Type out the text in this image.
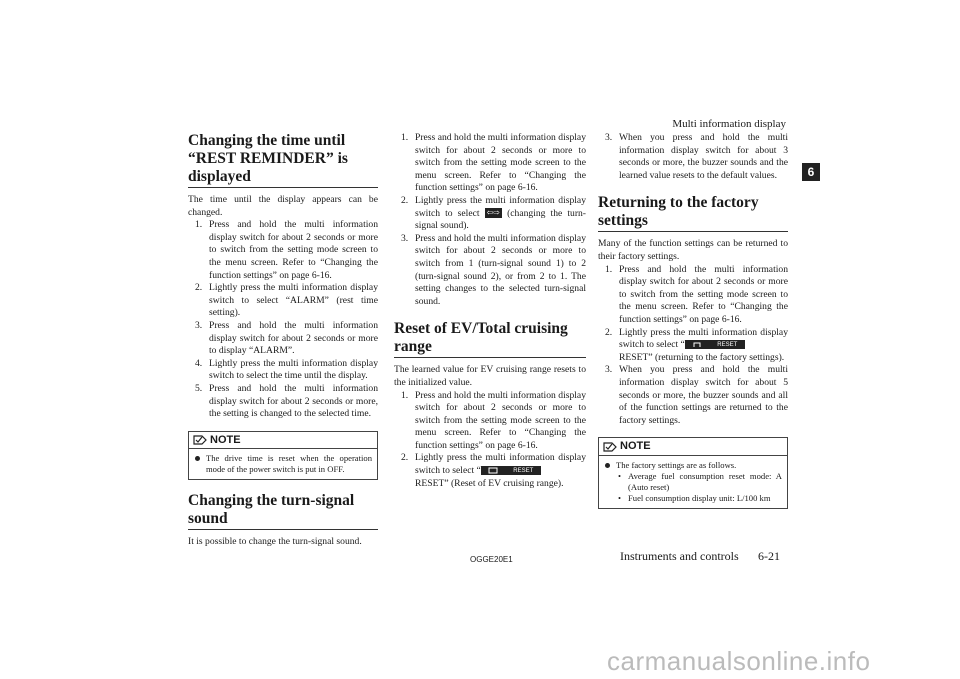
Multi information display
6
Changing the time until “REST REMINDER” is displayed

The time until the display appears can be changed.

1. Press and hold the multi information display switch for about 2 seconds or more to switch from the setting mode screen to the menu screen. Refer to “Changing the function settings” on page 6-16.
2. Lightly press the multi information display switch to select “ALARM” (rest time setting).
3. Press and hold the multi information display switch for about 2 seconds or more to display “ALARM”.
4. Lightly press the multi information display switch to select the time until the display.
5. Press and hold the multi information display switch for about 2 seconds or more, the setting is changed to the selected time.
NOTE
The drive time is reset when the operation mode of the power switch is put in OFF.
Changing the turn-signal sound

It is possible to change the turn-signal sound.

1. Press and hold the multi information display switch for about 2 seconds or more to switch from the setting mode screen to the menu screen. Refer to “Changing the function settings” on page 6-16.
2. Lightly press the multi information display switch to select ⇦⇨ (changing the turn-signal sound).
3. Press and hold the multi information display switch for about 2 seconds or more to switch from 1 (turn-signal sound 1) to 2 (turn-signal sound 2), or from 2 to 1. The setting changes to the selected turn-signal sound.
Reset of EV/Total cruising range

The learned value for EV cruising range resets to the initialized value.

1. Press and hold the multi information display switch for about 2 seconds or more to switch from the setting mode screen to the menu screen. Refer to “Changing the function settings” on page 6-16.
2. Lightly press the multi information display switch to select “	RESET

RESET” (Reset of EV cruising range).
3. When you press and hold the multi information display switch for about 3 seconds or more, the buzzer sounds and the learned value resets to the default values.
Returning to the factory settings

Many of the function settings can be returned to their factory settings.

1. Press and hold the multi information display switch for about 2 seconds or more to switch from the setting mode screen to the menu screen. Refer to “Changing the function settings” on page 6-16.
2. Lightly press the multi information display switch to select “	RESET

RESET” (returning to the factory settings).
3. When you press and hold the multi information display switch for about 5 seconds or more, the buzzer sounds and all of the function settings are returned to the factory settings.
NOTE
The factory settings are as follows.
• Average fuel consumption reset mode: A (Auto reset)
• Fuel consumption display unit: L/100 km
OGGE20E1	Instruments and controls 6-21
carmanualsonline.info
